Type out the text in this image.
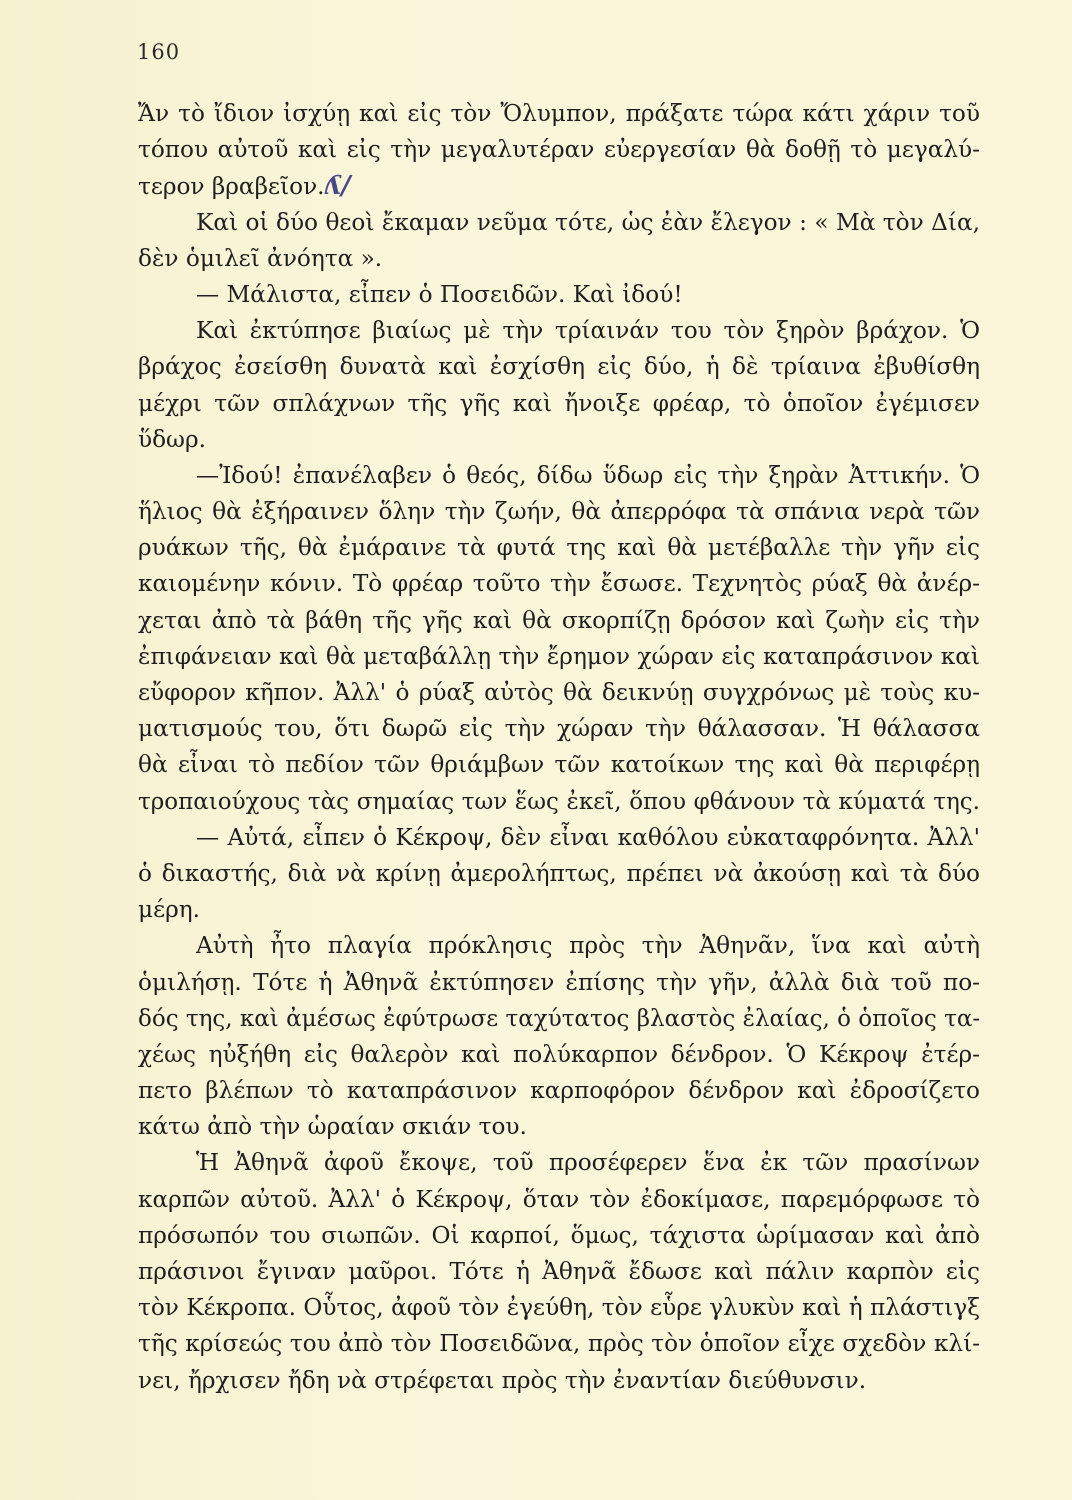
160
Ἄν τὸ ἴδιον ἰσχύῃ καὶ εἰς τὸν Ὄλυμπον, πράξατε τώρα κάτι χάριν τοῦ
τόπου αὐτοῦ καὶ εἰς τὴν μεγαλυτέραν εὐεργεσίαν θὰ δοθῇ τὸ μεγαλύ-
τερον βραβεῖον.ʎ/
Καὶ οἱ δύο θεοὶ ἔκαμαν νεῦμα τότε, ὡς ἐὰν ἔλεγον : « Μὰ τὸν Δία,
δὲν ὁμιλεῖ ἀνόητα ».
— Μάλιστα, εἶπεν ὁ Ποσειδῶν. Καὶ ἰδού!
Καὶ ἐκτύπησε βιαίως μὲ τὴν τρίαινάν του τὸν ξηρὸν βράχον. Ὁ
βράχος ἐσείσθη δυνατὰ καὶ ἐσχίσθη εἰς δύο, ἡ δὲ τρίαινα ἐβυθίσθη
μέχρι τῶν σπλάχνων τῆς γῆς καὶ ἤνοιξε φρέαρ, τὸ ὁποῖον ἐγέμισεν
ὕδωρ.
—Ἰδού! ἐπανέλαβεν ὁ θεός, δίδω ὕδωρ εἰς τὴν ξηρὰν Ἀττικήν. Ὁ
ἥλιος θὰ ἐξήραινεν ὅλην τὴν ζωήν, θὰ ἀπερρόφα τὰ σπάνια νερὰ τῶν
ρυάκων τῆς, θὰ ἐμάραινε τὰ φυτά της καὶ θὰ μετέβαλλε τὴν γῆν εἰς
καιομένην κόνιν. Τὸ φρέαρ τοῦτο τὴν ἔσωσε. Τεχνητὸς ρύαξ θὰ ἀνέρ-
χεται ἀπὸ τὰ βάθη τῆς γῆς καὶ θὰ σκορπίζῃ δρόσον καὶ ζωὴν εἰς τὴν
ἐπιφάνειαν καὶ θὰ μεταβάλλῃ τὴν ἔρημον χώραν εἰς καταπράσινον καὶ
εὔφορον κῆπον. Ἀλλ' ὁ ρύαξ αὐτὸς θὰ δεικνύῃ συγχρόνως μὲ τοὺς κυ-
ματισμούς του, ὅτι δωρῶ εἰς τὴν χώραν τὴν θάλασσαν. Ἡ θάλασσα
θὰ εἶναι τὸ πεδίον τῶν θριάμβων τῶν κατοίκων της καὶ θὰ περιφέρῃ
τροπαιούχους τὰς σημαίας των ἕως ἐκεῖ, ὅπου φθάνουν τὰ κύματά της.
— Αὐτά, εἶπεν ὁ Κέκροψ, δὲν εἶναι καθόλου εὐκαταφρόνητα. Ἀλλ'
ὁ δικαστής, διὰ νὰ κρίνῃ ἀμερολήπτως, πρέπει νὰ ἀκούσῃ καὶ τὰ δύο
μέρη.
Αὐτὴ ἦτο πλαγία πρόκλησις πρὸς τὴν Ἀθηνᾶν, ἵνα καὶ αὐτὴ
ὁμιλήσῃ. Τότε ἡ Ἀθηνᾶ ἐκτύπησεν ἐπίσης τὴν γῆν, ἀλλὰ διὰ τοῦ πο-
δός της, καὶ ἀμέσως ἐφύτρωσε ταχύτατος βλαστὸς ἐλαίας, ὁ ὁποῖος τα-
χέως ηὐξήθη εἰς θαλερὸν καὶ πολύκαρπον δένδρον. Ὁ Κέκροψ ἐτέρ-
πετο βλέπων τὸ καταπράσινον καρποφόρον δένδρον καὶ ἐδροσίζετο
κάτω ἀπὸ τὴν ὡραίαν σκιάν του.
Ἡ Ἀθηνᾶ ἀφοῦ ἔκοψε, τοῦ προσέφερεν ἕνα ἐκ τῶν πρασίνων
καρπῶν αὐτοῦ. Ἀλλ' ὁ Κέκροψ, ὅταν τὸν ἐδοκίμασε, παρεμόρφωσε τὸ
πρόσωπόν του σιωπῶν. Οἱ καρποί, ὅμως, τάχιστα ὡρίμασαν καὶ ἀπὸ
πράσινοι ἔγιναν μαῦροι. Τότε ἡ Ἀθηνᾶ ἔδωσε καὶ πάλιν καρπὸν εἰς
τὸν Κέκροπα. Οὗτος, ἀφοῦ τὸν ἐγεύθη, τὸν εὗρε γλυκὺν καὶ ἡ πλάστιγξ
τῆς κρίσεώς του ἀπὸ τὸν Ποσειδῶνα, πρὸς τὸν ὁποῖον εἶχε σχεδὸν κλί-
νει, ἤρχισεν ἤδη νὰ στρέφεται πρὸς τὴν ἐναντίαν διεύθυνσιν.
